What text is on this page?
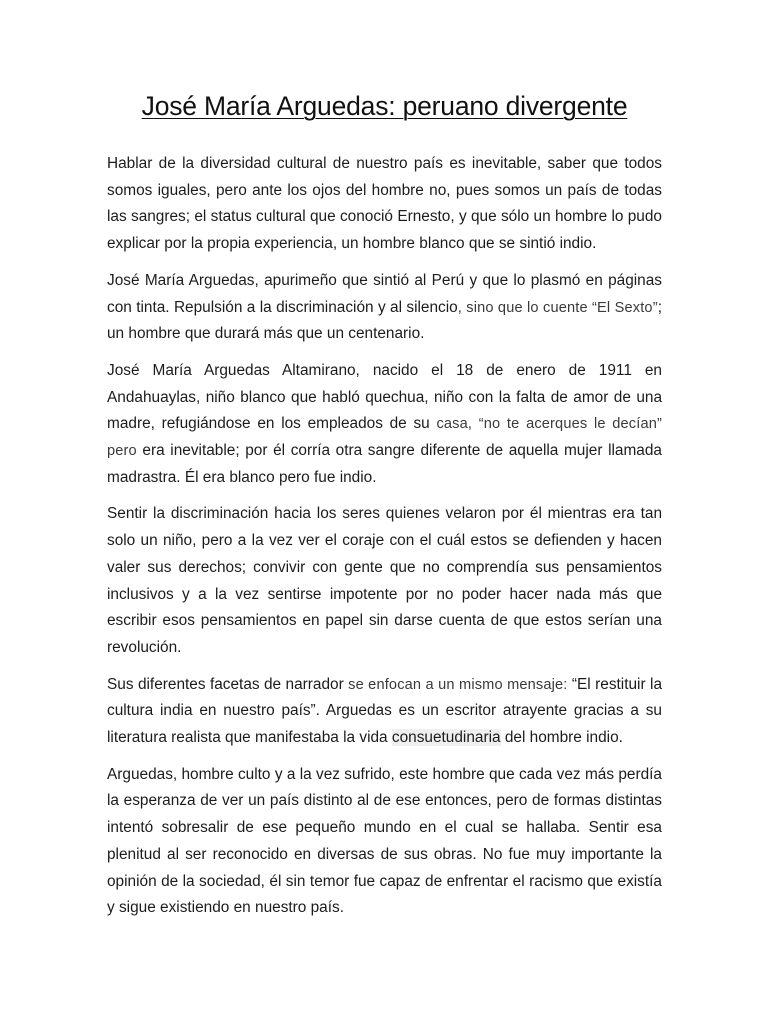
José María Arguedas: peruano divergente

Hablar de la diversidad cultural de nuestro país es inevitable, saber que todos somos iguales, pero ante los ojos del hombre no, pues somos un país de todas las sangres; el status cultural que conoció Ernesto, y que sólo un hombre lo pudo explicar por la propia experiencia, un hombre blanco que se sintió indio.

José María Arguedas, apurimeño que sintió al Perú y que lo plasmó en páginas con tinta. Repulsión a la discriminación y al silencio, sino que lo cuente “El Sexto”; un hombre que durará más que un centenario.

José María Arguedas Altamirano, nacido el 18 de enero de 1911 en Andahuaylas, niño blanco que habló quechua, niño con la falta de amor de una madre, refugiándose en los empleados de su casa, “no te acerques le decían” pero era inevitable; por él corría otra sangre diferente de aquella mujer llamada madrastra. Él era blanco pero fue indio.

Sentir la discriminación hacia los seres quienes velaron por él mientras era tan solo un niño, pero a la vez ver el coraje con el cuál estos se defienden y hacen valer sus derechos; convivir con gente que no comprendía sus pensamientos inclusivos y a la vez sentirse impotente por no poder hacer nada más que escribir esos pensamientos en papel sin darse cuenta de que estos serían una revolución.

Sus diferentes facetas de narrador se enfocan a un mismo mensaje: “El restituir la cultura india en nuestro país”. Arguedas es un escritor atrayente gracias a su literatura realista que manifestaba la vida consuetudinaria del hombre indio.

Arguedas, hombre culto y a la vez sufrido, este hombre que cada vez más perdía la esperanza de ver un país distinto al de ese entonces, pero de formas distintas intentó sobresalir de ese pequeño mundo en el cual se hallaba. Sentir esa plenitud al ser reconocido en diversas de sus obras. No fue muy importante la opinión de la sociedad, él sin temor fue capaz de enfrentar el racismo que existía y sigue existiendo en nuestro país.
